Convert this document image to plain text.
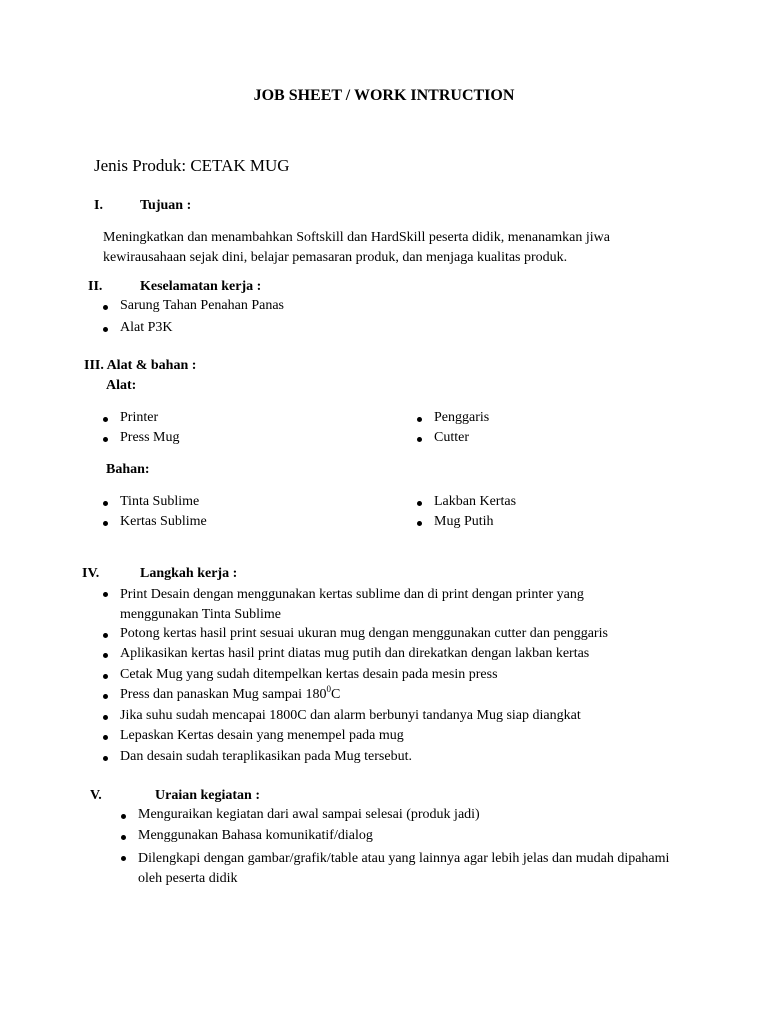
JOB SHEET / WORK INTRUCTION
Jenis Produk: CETAK MUG
I.	Tujuan :
Meningkatkan dan menambahkan Softskill dan HardSkill peserta didik, menanamkan jiwa kewirausahaan sejak dini, belajar pemasaran produk, dan menjaga kualitas produk.
II.	Keselamatan kerja :
Sarung Tahan Penahan Panas
Alat P3K
III. Alat & bahan :
Alat:
Printer
Press Mug
Penggaris
Cutter
Bahan:
Tinta Sublime
Kertas Sublime
Lakban Kertas
Mug Putih
IV.	Langkah kerja :
Print Desain dengan menggunakan kertas sublime dan di print dengan printer yang menggunakan Tinta Sublime
Potong kertas hasil print sesuai ukuran mug dengan menggunakan cutter dan penggaris
Aplikasikan kertas hasil print diatas mug putih dan direkatkan dengan lakban kertas
Cetak Mug yang sudah ditempelkan kertas desain pada mesin press
Press dan panaskan Mug sampai $180^0C$
Jika suhu sudah mencapai 1800C dan alarm berbunyi tandanya Mug siap diangkat
Lepaskan Kertas desain yang menempel pada mug
Dan desain sudah teraplikasikan pada Mug tersebut.
V.	Uraian kegiatan :
Menguraikan kegiatan dari awal sampai selesai (produk jadi)
Menggunakan Bahasa komunikatif/dialog
Dilengkapi dengan gambar/grafik/table atau yang lainnya agar lebih jelas dan mudah dipahami oleh peserta didik
